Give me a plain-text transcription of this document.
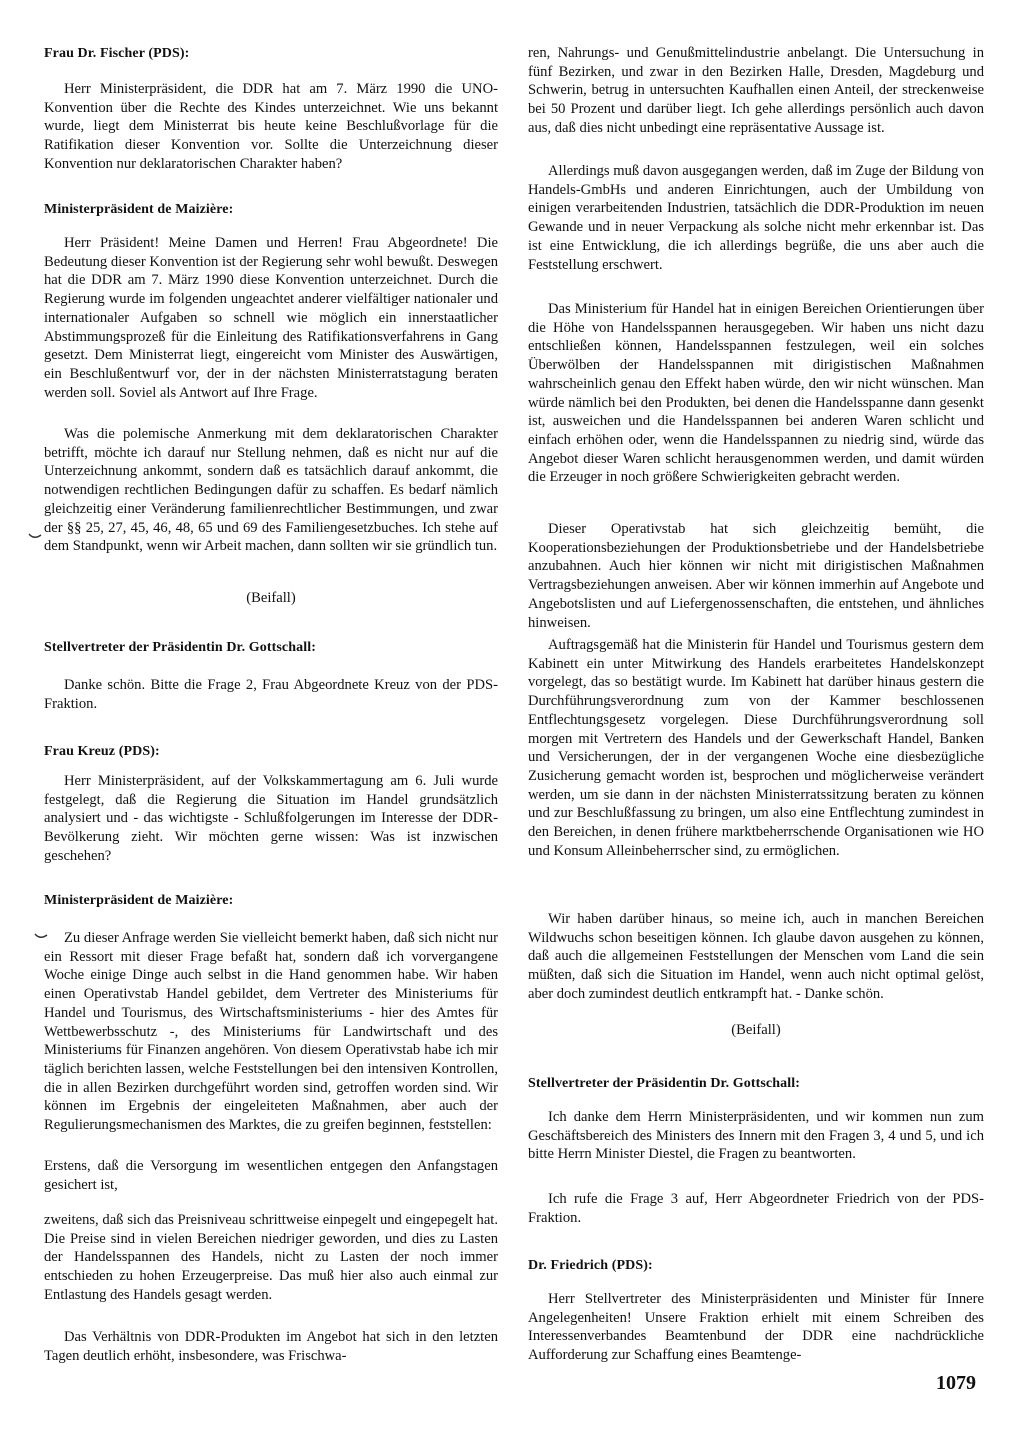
Frau Dr. Fischer (PDS):

Herr Ministerpräsident, die DDR hat am 7. März 1990 die UNO-Konvention über die Rechte des Kindes unterzeichnet. Wie uns bekannt wurde, liegt dem Ministerrat bis heute keine Beschlußvorlage für die Ratifikation dieser Konvention vor. Sollte die Unterzeichnung dieser Konvention nur deklaratorischen Charakter haben?

Ministerpräsident de Maizière:

Herr Präsident! Meine Damen und Herren! Frau Abgeordnete! Die Bedeutung dieser Konvention ist der Regierung sehr wohl bewußt. Deswegen hat die DDR am 7. März 1990 diese Konvention unterzeichnet. Durch die Regierung wurde im folgenden ungeachtet anderer vielfältiger nationaler und internationaler Aufgaben so schnell wie möglich ein innerstaatlicher Abstimmungsprozeß für die Einleitung des Ratifikationsverfahrens in Gang gesetzt. Dem Ministerrat liegt, eingereicht vom Minister des Auswärtigen, ein Beschlußentwurf vor, der in der nächsten Ministerratstagung beraten werden soll. Soviel als Antwort auf Ihre Frage.

Was die polemische Anmerkung mit dem deklaratorischen Charakter betrifft, möchte ich darauf nur Stellung nehmen, daß es nicht nur auf die Unterzeichnung ankommt, sondern daß es tatsächlich darauf ankommt, die notwendigen rechtlichen Bedingungen dafür zu schaffen. Es bedarf nämlich gleichzeitig einer Veränderung familienrechtlicher Bestimmungen, und zwar der §§ 25, 27, 45, 46, 48, 65 und 69 des Familiengesetzbuches. Ich stehe auf dem Standpunkt, wenn wir Arbeit machen, dann sollten wir sie gründlich tun.

(Beifall)

Stellvertreter der Präsidentin Dr. Gottschall:

Danke schön. Bitte die Frage 2, Frau Abgeordnete Kreuz von der PDS-Fraktion.

Frau Kreuz (PDS):

Herr Ministerpräsident, auf der Volkskammertagung am 6. Juli wurde festgelegt, daß die Regierung die Situation im Handel grundsätzlich analysiert und - das wichtigste - Schlußfolgerungen im Interesse der DDR-Bevölkerung zieht. Wir möchten gerne wissen: Was ist inzwischen geschehen?

Ministerpräsident de Maizière:

Zu dieser Anfrage werden Sie vielleicht bemerkt haben, daß sich nicht nur ein Ressort mit dieser Frage befaßt hat, sondern daß ich vorvergangene Woche einige Dinge auch selbst in die Hand genommen habe. Wir haben einen Operativstab Handel gebildet, dem Vertreter des Ministeriums für Handel und Tourismus, des Wirtschaftsministeriums - hier des Amtes für Wettbewerbsschutz -, des Ministeriums für Landwirtschaft und des Ministeriums für Finanzen angehören. Von diesem Operativstab habe ich mir täglich berichten lassen, welche Feststellungen bei den intensiven Kontrollen, die in allen Bezirken durchgeführt worden sind, getroffen worden sind. Wir können im Ergebnis der eingeleiteten Maßnahmen, aber auch der Regulierungsmechanismen des Marktes, die zu greifen beginnen, feststellen:

Erstens, daß die Versorgung im wesentlichen entgegen den Anfangstagen gesichert ist,

zweitens, daß sich das Preisniveau schrittweise einpegelt und eingepegelt hat. Die Preise sind in vielen Bereichen niedriger geworden, und dies zu Lasten der Handelsspannen des Handels, nicht zu Lasten der noch immer entschieden zu hohen Erzeugerpreise. Das muß hier also auch einmal zur Entlastung des Handels gesagt werden.

Das Verhältnis von DDR-Produkten im Angebot hat sich in den letzten Tagen deutlich erhöht, insbesondere, was Frischwa-

ren, Nahrungs- und Genußmittelindustrie anbelangt. Die Untersuchung in fünf Bezirken, und zwar in den Bezirken Halle, Dresden, Magdeburg und Schwerin, betrug in untersuchten Kaufhallen einen Anteil, der streckenweise bei 50 Prozent und darüber liegt. Ich gehe allerdings persönlich auch davon aus, daß dies nicht unbedingt eine repräsentative Aussage ist.

Allerdings muß davon ausgegangen werden, daß im Zuge der Bildung von Handels-GmbHs und anderen Einrichtungen, auch der Umbildung von einigen verarbeitenden Industrien, tatsächlich die DDR-Produktion im neuen Gewande und in neuer Verpackung als solche nicht mehr erkennbar ist. Das ist eine Entwicklung, die ich allerdings begrüße, die uns aber auch die Feststellung erschwert.

Das Ministerium für Handel hat in einigen Bereichen Orientierungen über die Höhe von Handelsspannen herausgegeben. Wir haben uns nicht dazu entschließen können, Handelsspannen festzulegen, weil ein solches Überwölben der Handelsspannen mit dirigistischen Maßnahmen wahrscheinlich genau den Effekt haben würde, den wir nicht wünschen. Man würde nämlich bei den Produkten, bei denen die Handelsspanne dann gesenkt ist, ausweichen und die Handelsspannen bei anderen Waren schlicht und einfach erhöhen oder, wenn die Handelsspannen zu niedrig sind, würde das Angebot dieser Waren schlicht herausgenommen werden, und damit würden die Erzeuger in noch größere Schwierigkeiten gebracht werden.

Dieser Operativstab hat sich gleichzeitig bemüht, die Kooperationsbeziehungen der Produktionsbetriebe und der Handelsbetriebe anzubahnen. Auch hier können wir nicht mit dirigistischen Maßnahmen Vertragsbeziehungen anweisen. Aber wir können immerhin auf Angebote und Angebotslisten und auf Liefergenossenschaften, die entstehen, und ähnliches hinweisen.

Auftragsgemäß hat die Ministerin für Handel und Tourismus gestern dem Kabinett ein unter Mitwirkung des Handels erarbeitetes Handelskonzept vorgelegt, das so bestätigt wurde. Im Kabinett hat darüber hinaus gestern die Durchführungsverordnung zum von der Kammer beschlossenen Entflechtungsgesetz vorgelegen. Diese Durchführungsverordnung soll morgen mit Vertretern des Handels und der Gewerkschaft Handel, Banken und Versicherungen, der in der vergangenen Woche eine diesbezügliche Zusicherung gemacht worden ist, besprochen und möglicherweise verändert werden, um sie dann in der nächsten Ministerratssitzung beraten zu können und zur Beschlußfassung zu bringen, um also eine Entflechtung zumindest in den Bereichen, in denen frühere marktbeherrschende Organisationen wie HO und Konsum Alleinbeherrscher sind, zu ermöglichen.

Wir haben darüber hinaus, so meine ich, auch in manchen Bereichen Wildwuchs schon beseitigen können. Ich glaube davon ausgehen zu können, daß auch die allgemeinen Feststellungen der Menschen vom Land die sein müßten, daß sich die Situation im Handel, wenn auch nicht optimal gelöst, aber doch zumindest deutlich entkrampft hat. - Danke schön.

(Beifall)

Stellvertreter der Präsidentin Dr. Gottschall:

Ich danke dem Herrn Ministerpräsidenten, und wir kommen nun zum Geschäftsbereich des Ministers des Innern mit den Fragen 3, 4 und 5, und ich bitte Herrn Minister Diestel, die Fragen zu beantworten.

Ich rufe die Frage 3 auf, Herr Abgeordneter Friedrich von der PDS-Fraktion.

Dr. Friedrich (PDS):

Herr Stellvertreter des Ministerpräsidenten und Minister für Innere Angelegenheiten! Unsere Fraktion erhielt mit einem Schreiben des Interessenverbandes Beamtenbund der DDR eine nachdrückliche Aufforderung zur Schaffung eines Beamtenge-

1079
